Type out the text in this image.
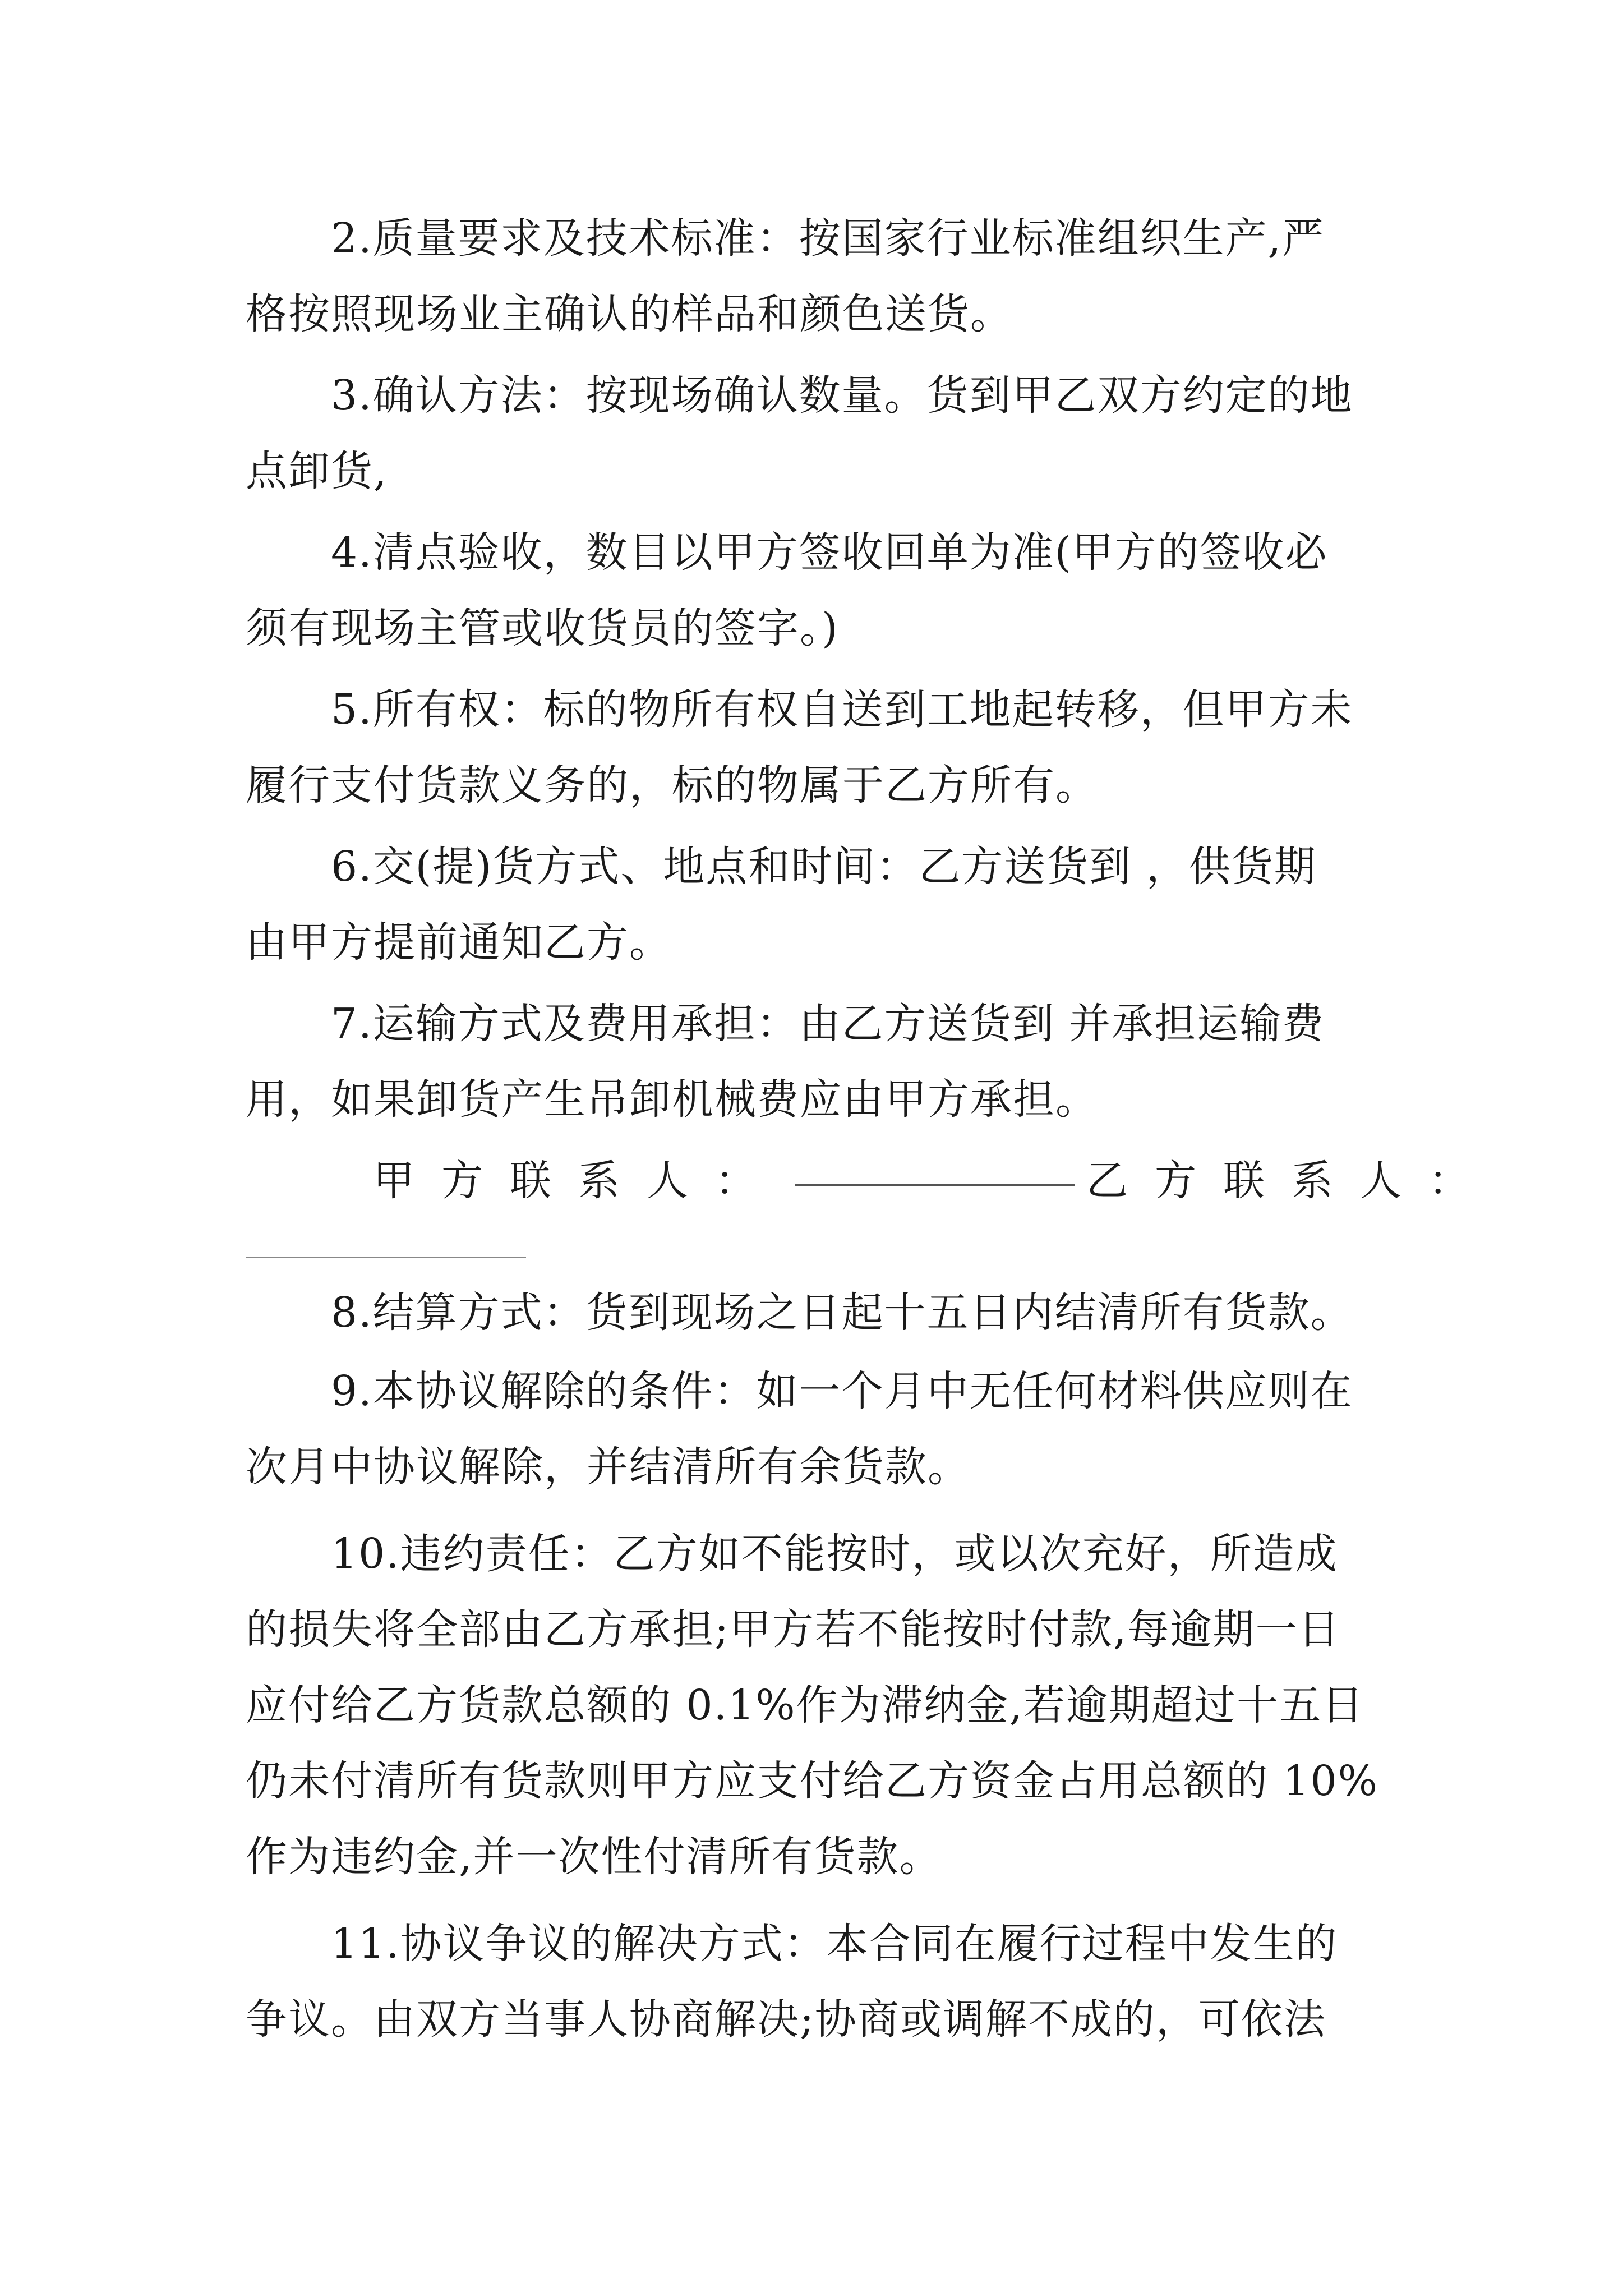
2.质量要求及技术标准：按国家行业标准组织生产,严
格按照现场业主确认的样品和颜色送货。
3.确认方法：按现场确认数量。货到甲乙双方约定的地
点卸货,
4.清点验收，数目以甲方签收回单为准(甲方的签收必
须有现场主管或收货员的签字。)
5.所有权：标的物所有权自送到工地起转移，但甲方未
履行支付货款义务的，标的物属于乙方所有。
6.交(提)货方式、地点和时间：乙方送货到 ，供货期
由甲方提前通知乙方。
7.运输方式及费用承担：由乙方送货到 并承担运输费
用，如果卸货产生吊卸机械费应由甲方承担。
甲方联系人：	乙方联系人：
8.结算方式：货到现场之日起十五日内结清所有货款。
9.本协议解除的条件：如一个月中无任何材料供应则在
次月中协议解除，并结清所有余货款。
10.违约责任：乙方如不能按时，或以次充好，所造成
的损失将全部由乙方承担;甲方若不能按时付款,每逾期一日
应付给乙方货款总额的 0.1%作为滞纳金,若逾期超过十五日
仍未付清所有货款则甲方应支付给乙方资金占用总额的 10%
作为违约金,并一次性付清所有货款。
11.协议争议的解决方式：本合同在履行过程中发生的
争议。由双方当事人协商解决;协商或调解不成的，可依法
